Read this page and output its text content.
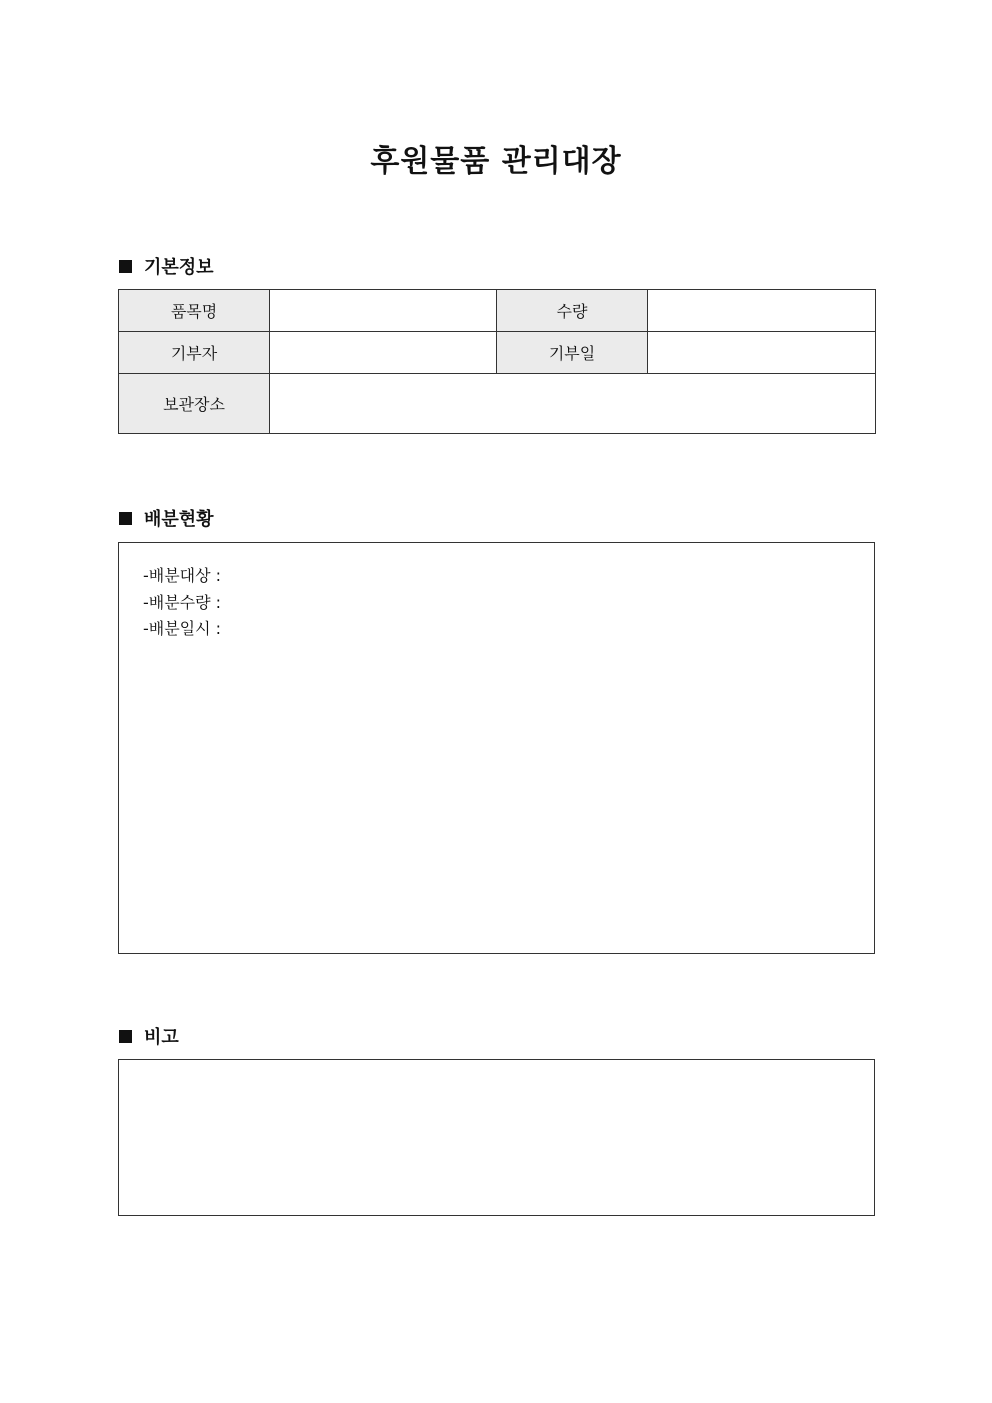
후원물품 관리대장
기본정보
품목명		수량	
기부자		기부일	
보관장소			
배분현황
-배분대상 :
-배분수량 :
-배분일시 :
비고
